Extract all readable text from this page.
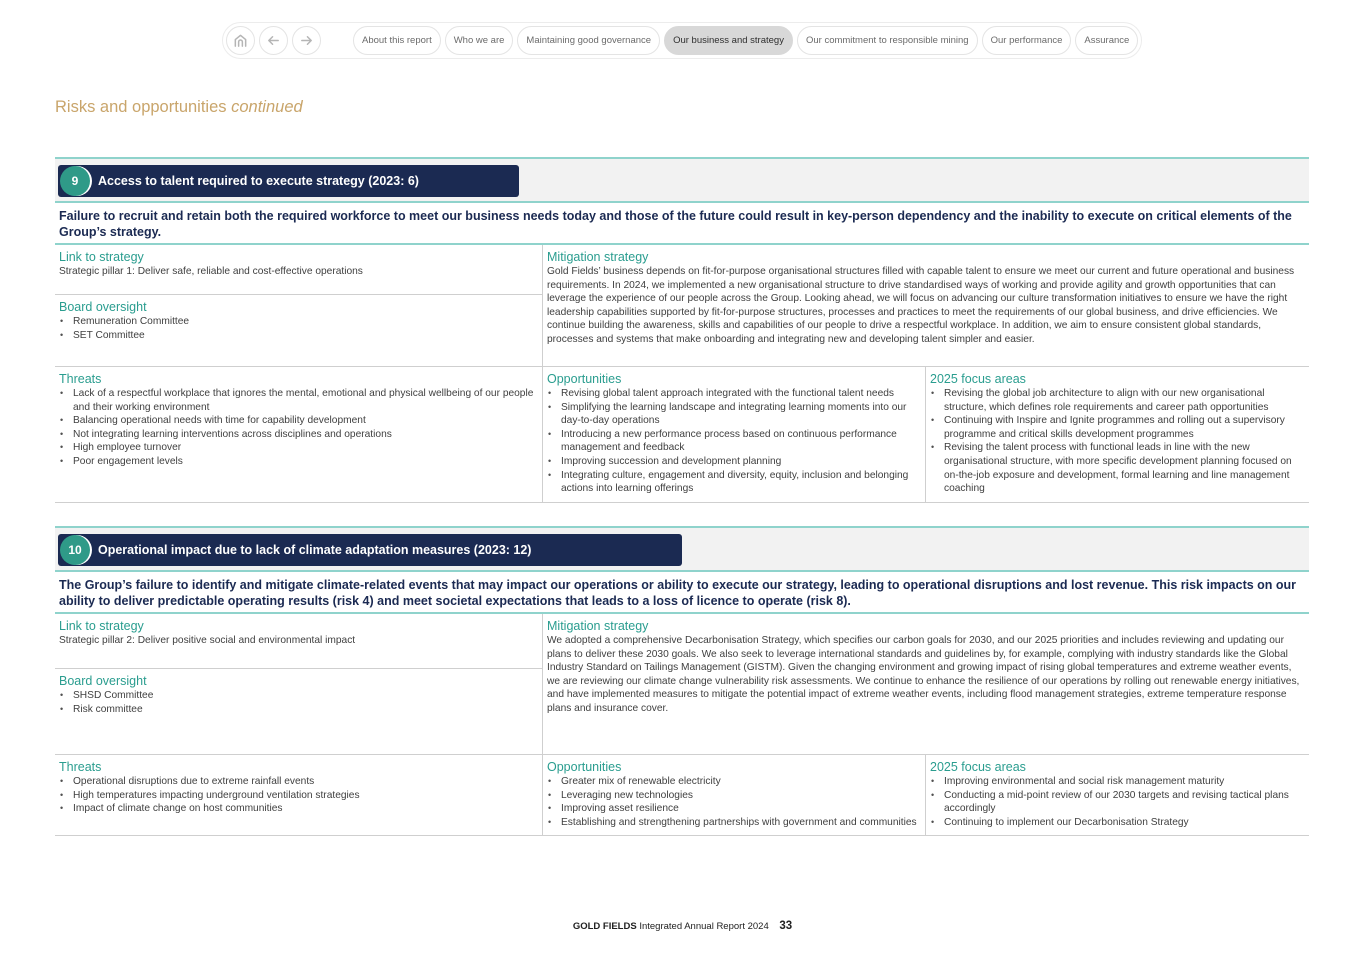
About this report	Who we are	Maintaining good governance	Our business and strategy	Our commitment to responsible mining	Our performance	Assurance
Risks and opportunities continued
9	Access to talent required to execute strategy (2023: 6)
Failure to recruit and retain both the required workforce to meet our business needs today and those of the future could result in key-person dependency and the inability to execute on critical elements of the Group’s strategy.
Link to strategy
Strategic pillar 1: Deliver safe, reliable and cost-effective operations
Board oversight
• Remuneration Committee
• SET Committee
Mitigation strategy
Gold Fields’ business depends on fit-for-purpose organisational structures filled with capable talent to ensure we meet our current and future operational and business requirements. In 2024, we implemented a new organisational structure to drive standardised ways of working and provide agility and growth opportunities that can leverage the experience of our people across the Group. Looking ahead, we will focus on advancing our culture transformation initiatives to ensure we have the right leadership capabilities supported by fit-for-purpose structures, processes and practices to meet the requirements of our global business, and drive efficiencies. We continue building the awareness, skills and capabilities of our people to drive a respectful workplace. In addition, we aim to ensure consistent global standards, processes and systems that make onboarding and integrating new and developing talent simpler and easier.
Threats
• Lack of a respectful workplace that ignores the mental, emotional and physical wellbeing of our people and their working environment
• Balancing operational needs with time for capability development
• Not integrating learning interventions across disciplines and operations
• High employee turnover
• Poor engagement levels
Opportunities
• Revising global talent approach integrated with the functional talent needs
• Simplifying the learning landscape and integrating learning moments into our day-to-day operations
• Introducing a new performance process based on continuous performance management and feedback
• Improving succession and development planning
• Integrating culture, engagement and diversity, equity, inclusion and belonging actions into learning offerings
2025 focus areas
• Revising the global job architecture to align with our new organisational structure, which defines role requirements and career path opportunities
• Continuing with Inspire and Ignite programmes and rolling out a supervisory programme and critical skills development programmes
• Revising the talent process with functional leads in line with the new organisational structure, with more specific development planning focused on on-the-job exposure and development, formal learning and line management coaching
10	Operational impact due to lack of climate adaptation measures (2023: 12)
The Group’s failure to identify and mitigate climate-related events that may impact our operations or ability to execute our strategy, leading to operational disruptions and lost revenue. This risk impacts on our ability to deliver predictable operating results (risk 4) and meet societal expectations that leads to a loss of licence to operate (risk 8).
Link to strategy
Strategic pillar 2: Deliver positive social and environmental impact
Board oversight
• SHSD Committee
• Risk committee
Mitigation strategy
We adopted a comprehensive Decarbonisation Strategy, which specifies our carbon goals for 2030, and our 2025 priorities and includes reviewing and updating our plans to deliver these 2030 goals. We also seek to leverage international standards and guidelines by, for example, complying with industry standards like the Global Industry Standard on Tailings Management (GISTM). Given the changing environment and growing impact of rising global temperatures and extreme weather events, we are reviewing our climate change vulnerability risk assessments. We continue to enhance the resilience of our operations by rolling out renewable energy initiatives, and have implemented measures to mitigate the potential impact of extreme weather events, including flood management strategies, extreme temperature response plans and insurance cover.
Threats
• Operational disruptions due to extreme rainfall events
• High temperatures impacting underground ventilation strategies
• Impact of climate change on host communities
Opportunities
• Greater mix of renewable electricity
• Leveraging new technologies
• Improving asset resilience
• Establishing and strengthening partnerships with government and communities
2025 focus areas
• Improving environmental and social risk management maturity
• Conducting a mid-point review of our 2030 targets and revising tactical plans accordingly
• Continuing to implement our Decarbonisation Strategy
GOLD FIELDS Integrated Annual Report 2024 33
